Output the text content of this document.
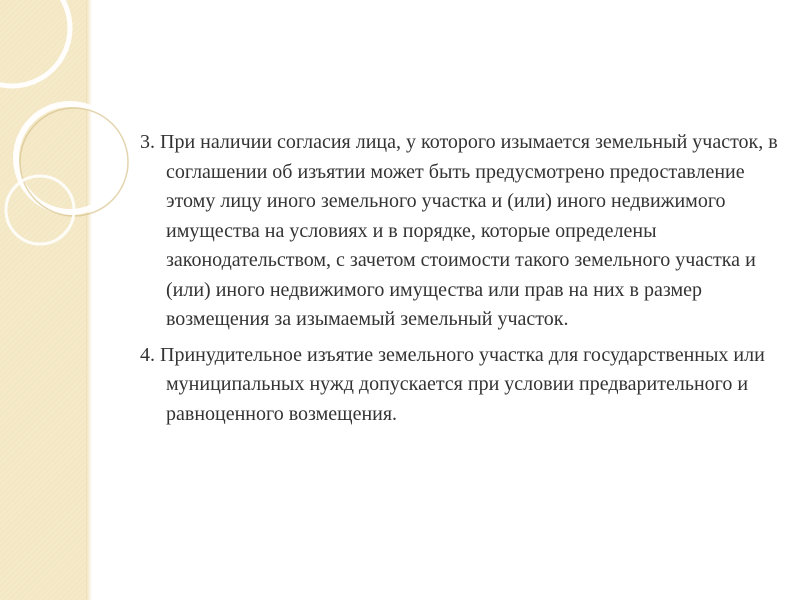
3. При наличии согласия лица, у которого изымается земельный участок, в соглашении об изъятии может быть предусмотрено предоставление этому лицу иного земельного участка и (или) иного недвижимого имущества на условиях и в порядке, которые определены законодательством, с зачетом стоимости такого земельного участка и (или) иного недвижимого имущества или прав на них в размер возмещения за изымаемый земельный участок.

4. Принудительное изъятие земельного участка для государственных или муниципальных нужд допускается при условии предварительного и равноценного возмещения.
